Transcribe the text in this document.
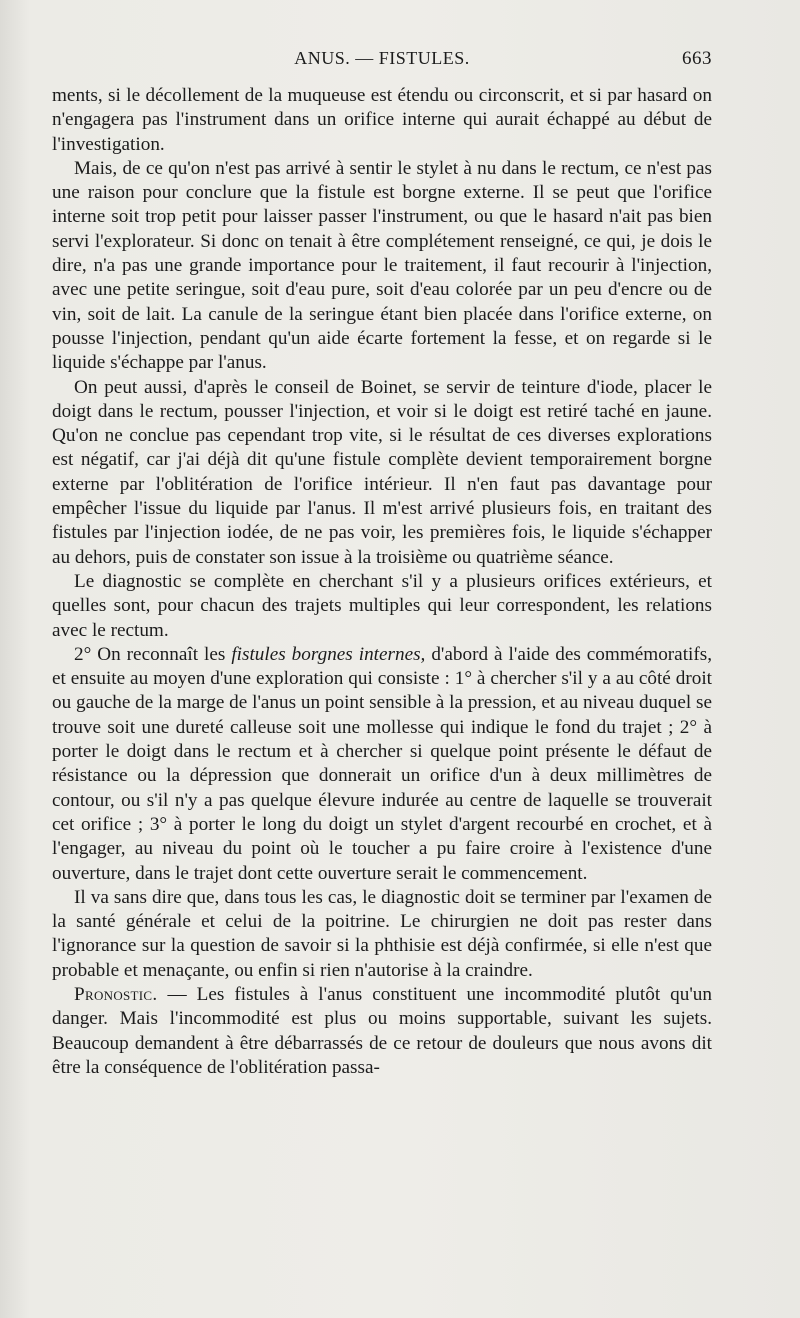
ANUS. — FISTULES.	663

ments, si le décollement de la muqueuse est étendu ou circonscrit, et si par hasard on n'engagera pas l'instrument dans un orifice interne qui aurait échappé au début de l'investigation.

Mais, de ce qu'on n'est pas arrivé à sentir le stylet à nu dans le rectum, ce n'est pas une raison pour conclure que la fistule est borgne externe. Il se peut que l'orifice interne soit trop petit pour laisser passer l'instrument, ou que le hasard n'ait pas bien servi l'explorateur. Si donc on tenait à être complétement renseigné, ce qui, je dois le dire, n'a pas une grande importance pour le traitement, il faut recourir à l'injection, avec une petite seringue, soit d'eau pure, soit d'eau colorée par un peu d'encre ou de vin, soit de lait. La canule de la seringue étant bien placée dans l'orifice externe, on pousse l'injection, pendant qu'un aide écarte fortement la fesse, et on regarde si le liquide s'échappe par l'anus.

On peut aussi, d'après le conseil de Boinet, se servir de teinture d'iode, placer le doigt dans le rectum, pousser l'injection, et voir si le doigt est retiré taché en jaune. Qu'on ne conclue pas cependant trop vite, si le résultat de ces diverses explorations est négatif, car j'ai déjà dit qu'une fistule complète devient temporairement borgne externe par l'oblitération de l'orifice intérieur. Il n'en faut pas davantage pour empêcher l'issue du liquide par l'anus. Il m'est arrivé plusieurs fois, en traitant des fistules par l'injection iodée, de ne pas voir, les premières fois, le liquide s'échapper au dehors, puis de constater son issue à la troisième ou quatrième séance.

Le diagnostic se complète en cherchant s'il y a plusieurs orifices extérieurs, et quelles sont, pour chacun des trajets multiples qui leur correspondent, les relations avec le rectum.

2° On reconnaît les fistules borgnes internes, d'abord à l'aide des commémoratifs, et ensuite au moyen d'une exploration qui consiste : 1° à chercher s'il y a au côté droit ou gauche de la marge de l'anus un point sensible à la pression, et au niveau duquel se trouve soit une dureté calleuse soit une mollesse qui indique le fond du trajet ; 2° à porter le doigt dans le rectum et à chercher si quelque point présente le défaut de résistance ou la dépression que donnerait un orifice d'un à deux millimètres de contour, ou s'il n'y a pas quelque élevure indurée au centre de laquelle se trouverait cet orifice ; 3° à porter le long du doigt un stylet d'argent recourbé en crochet, et à l'engager, au niveau du point où le toucher a pu faire croire à l'existence d'une ouverture, dans le trajet dont cette ouverture serait le commencement.

Il va sans dire que, dans tous les cas, le diagnostic doit se terminer par l'examen de la santé générale et celui de la poitrine. Le chirurgien ne doit pas rester dans l'ignorance sur la question de savoir si la phthisie est déjà confirmée, si elle n'est que probable et menaçante, ou enfin si rien n'autorise à la craindre.

Pronostic. — Les fistules à l'anus constituent une incommodité plutôt qu'un danger. Mais l'incommodité est plus ou moins supportable, suivant les sujets. Beaucoup demandent à être débarrassés de ce retour de douleurs que nous avons dit être la conséquence de l'oblitération passa-
